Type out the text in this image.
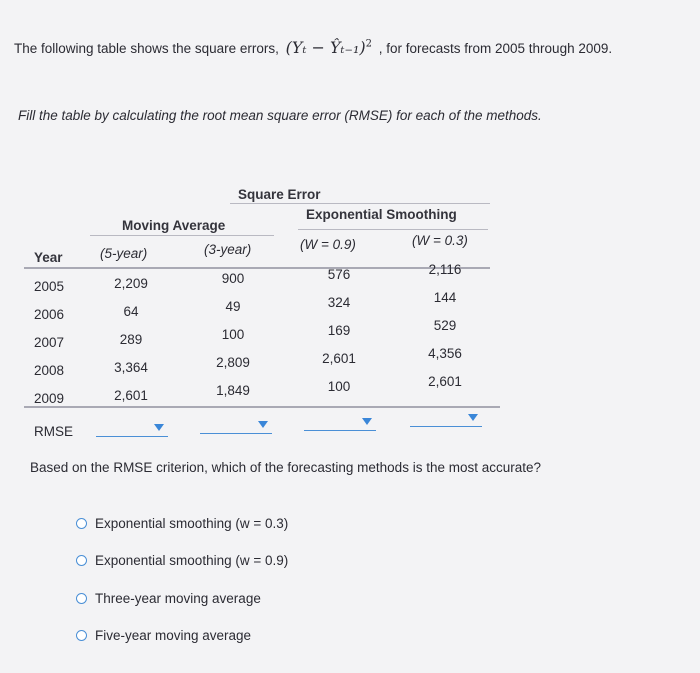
The following table shows the square errors, (Yₜ − Ŷₜ₋₁)$^2$ , for forecasts from 2005 through 2009.
Fill the table by calculating the root mean square error (RMSE) for each of the methods.
Square Error
Moving Average
Exponential Smoothing
Year	(5-year)	(3-year)	(W = 0.9)	(W = 0.3)
2005	2,209	900	576	2,116
2006	64	49	324	144
2007	289	100	169	529
2008	3,364	2,809	2,601	4,356
2009	2,601	1,849	100	2,601
RMSE
Based on the RMSE criterion, which of the forecasting methods is the most accurate?
Exponential smoothing (w = 0.3)
Exponential smoothing (w = 0.9)
Three-year moving average
Five-year moving average
